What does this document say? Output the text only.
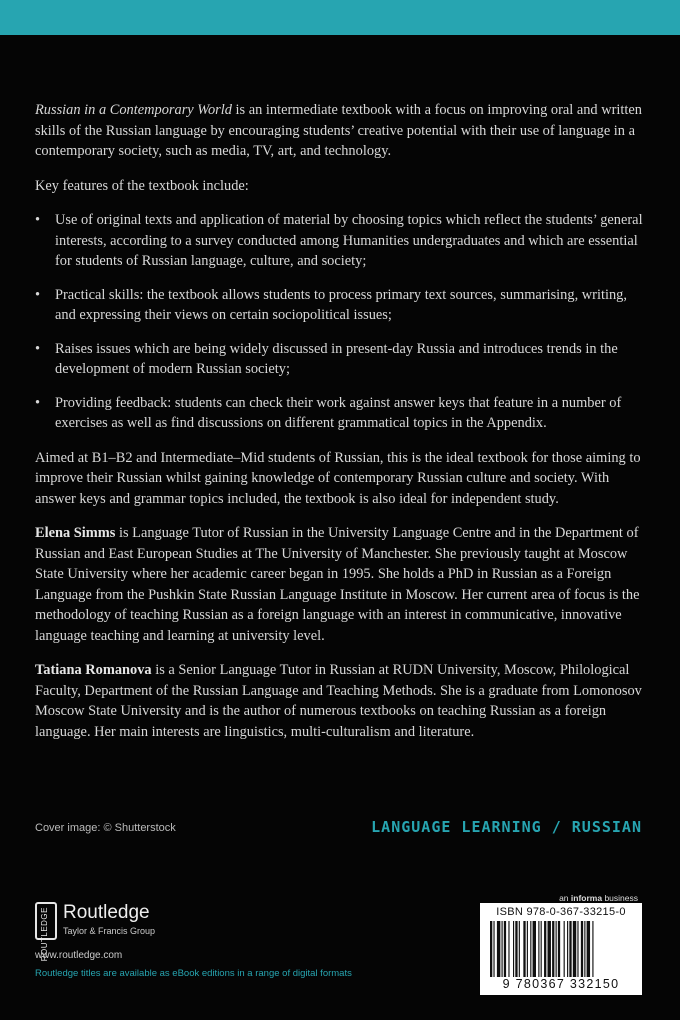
Russian in a Contemporary World is an intermediate textbook with a focus on improving oral and written skills of the Russian language by encouraging students’ creative potential with their use of language in a contemporary society, such as media, TV, art, and technology.

Key features of the textbook include:

• Use of original texts and application of material by choosing topics which reflect the students’ general interests, according to a survey conducted among Humanities undergraduates and which are essential for students of Russian language, culture, and society;
• Practical skills: the textbook allows students to process primary text sources, summarising, writing, and expressing their views on certain sociopolitical issues;
• Raises issues which are being widely discussed in present-day Russia and introduces trends in the development of modern Russian society;
• Providing feedback: students can check their work against answer keys that feature in a number of exercises as well as find discussions on different grammatical topics in the Appendix.

Aimed at B1–B2 and Intermediate–Mid students of Russian, this is the ideal textbook for those aiming to improve their Russian whilst gaining knowledge of contemporary Russian culture and society. With answer keys and grammar topics included, the textbook is also ideal for independent study.

Elena Simms is Language Tutor of Russian in the University Language Centre and in the Department of Russian and East European Studies at The University of Manchester. She previously taught at Moscow State University where her academic career began in 1995. She holds a PhD in Russian as a Foreign Language from the Pushkin State Russian Language Institute in Moscow. Her current area of focus is the methodology of teaching Russian as a foreign language with an interest in communicative, innovative language teaching and learning at university level.

Tatiana Romanova is a Senior Language Tutor in Russian at RUDN University, Moscow, Philological Faculty, Department of the Russian Language and Teaching Methods. She is a graduate from Lomonosov Moscow State University and is the author of numerous textbooks on teaching Russian as a foreign language. Her main interests are linguistics, multi-culturalism and literature.

Cover image: © Shutterstock	LANGUAGE LEARNING / RUSSIAN
ROUTLEDGE Routledge
Taylor & Francis Group
www.routledge.com
Routledge titles are available as eBook editions in a range of digital formats
an informa business
ISBN 978-0-367-33215-0
9 780367 332150
